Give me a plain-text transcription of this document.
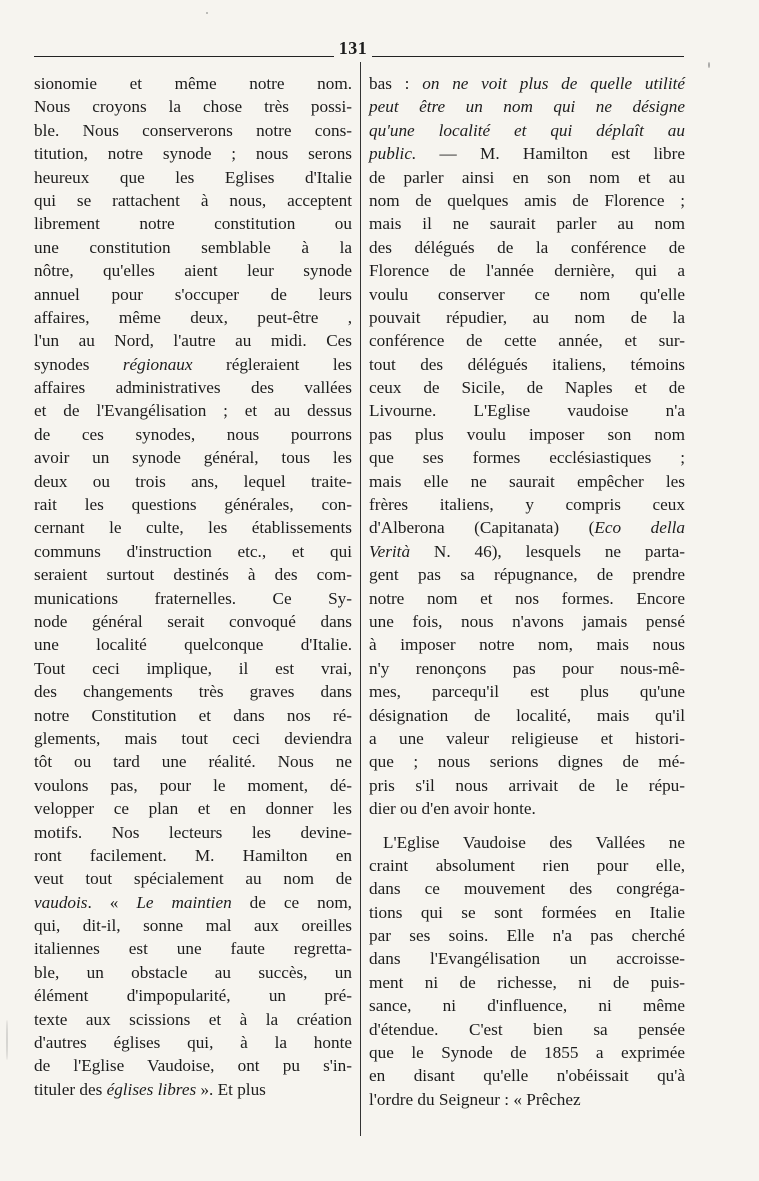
131
sionomie et même notre nom.
Nous croyons la chose très possi-
ble. Nous conserverons notre cons-
titution, notre synode ; nous serons
heureux que les Eglises d'Italie
qui se rattachent à nous, acceptent
librement notre constitution ou
une constitution semblable à la
nôtre, qu'elles aient leur synode
annuel pour s'occuper de leurs
affaires, même deux, peut-être ,
l'un au Nord, l'autre au midi. Ces
synodes régionaux régleraient les
affaires administratives des vallées
et de l'Evangélisation ; et au dessus
de ces synodes, nous pourrons
avoir un synode général, tous les
deux ou trois ans, lequel traite-
rait les questions générales, con-
cernant le culte, les établissements
communs d'instruction etc., et qui
seraient surtout destinés à des com-
munications fraternelles. Ce Sy-
node général serait convoqué dans
une localité quelconque d'Italie.
Tout ceci implique, il est vrai,
des changements très graves dans
notre Constitution et dans nos ré-
glements, mais tout ceci deviendra
tôt ou tard une réalité. Nous ne
voulons pas, pour le moment, dé-
velopper ce plan et en donner les
motifs. Nos lecteurs les devine-
ront facilement. M. Hamilton en
veut tout spécialement au nom de
vaudois. « Le maintien de ce nom,
qui, dit-il, sonne mal aux oreilles
italiennes est une faute regretta-
ble, un obstacle au succès, un
élément d'impopularité, un pré-
texte aux scissions et à la création
d'autres églises qui, à la honte
de l'Eglise Vaudoise, ont pu s'in-
tituler des églises libres ». Et plus
bas : on ne voit plus de quelle utilité
peut être un nom qui ne désigne
qu'une localité et qui déplaît au
public. — M. Hamilton est libre
de parler ainsi en son nom et au
nom de quelques amis de Florence ;
mais il ne saurait parler au nom
des délégués de la conférence de
Florence de l'année dernière, qui a
voulu conserver ce nom qu'elle
pouvait répudier, au nom de la
conférence de cette année, et sur-
tout des délégués italiens, témoins
ceux de Sicile, de Naples et de
Livourne. L'Eglise vaudoise n'a
pas plus voulu imposer son nom
que ses formes ecclésiastiques ;
mais elle ne saurait empêcher les
frères italiens, y compris ceux
d'Alberona (Capitanata) (Eco della
Verità N. 46), lesquels ne parta-
gent pas sa répugnance, de prendre
notre nom et nos formes. Encore
une fois, nous n'avons jamais pensé
à imposer notre nom, mais nous
n'y renonçons pas pour nous-mê-
mes, parcequ'il est plus qu'une
désignation de localité, mais qu'il
a une valeur religieuse et histori-
que ; nous serions dignes de mé-
pris s'il nous arrivait de le répu-
dier ou d'en avoir honte.
L'Eglise Vaudoise des Vallées ne
craint absolument rien pour elle,
dans ce mouvement des congréga-
tions qui se sont formées en Italie
par ses soins. Elle n'a pas cherché
dans l'Evangélisation un accroisse-
ment ni de richesse, ni de puis-
sance, ni d'influence, ni même
d'étendue. C'est bien sa pensée
que le Synode de 1855 a exprimée
en disant qu'elle n'obéissait qu'à
l'ordre du Seigneur : « Prêchez
